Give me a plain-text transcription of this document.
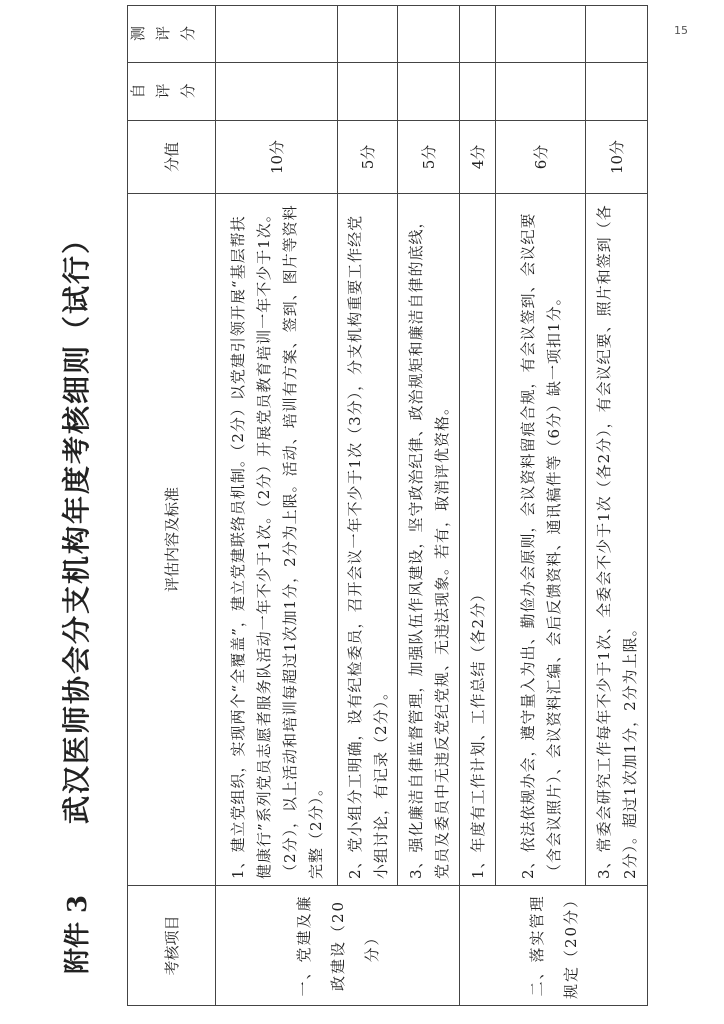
附件 3
武汉医师协会分支机构年度考核细则（试行）
考核项目	评估内容及标准	分值	自评分	测评分
一、党建及廉政建设（20分）	1、建立党组织，实现两个“全覆盖”，建立党建联络员机制。（2分）以党建引领开展“基层帮扶健康行”系列党员志愿者服务队活动一年不少于1次。（2分）开展党员教育培训一年不少于1次。（2分），以上活动和培训每超过1次加1分，2分为上限。活动、培训有方案、签到、图片等资料完整（2分）。	10分		
	2、党小组分工明确，设有纪检委员，召开会议一年不少于1次（3分），分支机构重要工作经党小组讨论，有记录（2分）。	5分		
	3、强化廉洁自律监督管理，加强队伍作风建设，坚守政治纪律、政治规矩和廉洁自律的底线，党员及委员中无违反党纪党规、无违法现象。若有，取消评优资格。	5分		
二、落实管理规定（20分）	1、年度有工作计划、工作总结（各2分）	4分		
	2、依法依规办会，遵守量入为出、勤俭办会原则，会议资料留痕合规，有会议签到、会议纪要（含会议照片）、会议资料汇编、会后反馈资料、通讯稿件等（6分）缺一项扣1分。	6分		
	3、常委会研究工作每年不少于1次、全委会不少于1次（各2分），有会议纪要、照片和签到（各2分）。超过1次加1分，2分为上限。	10分		
15
